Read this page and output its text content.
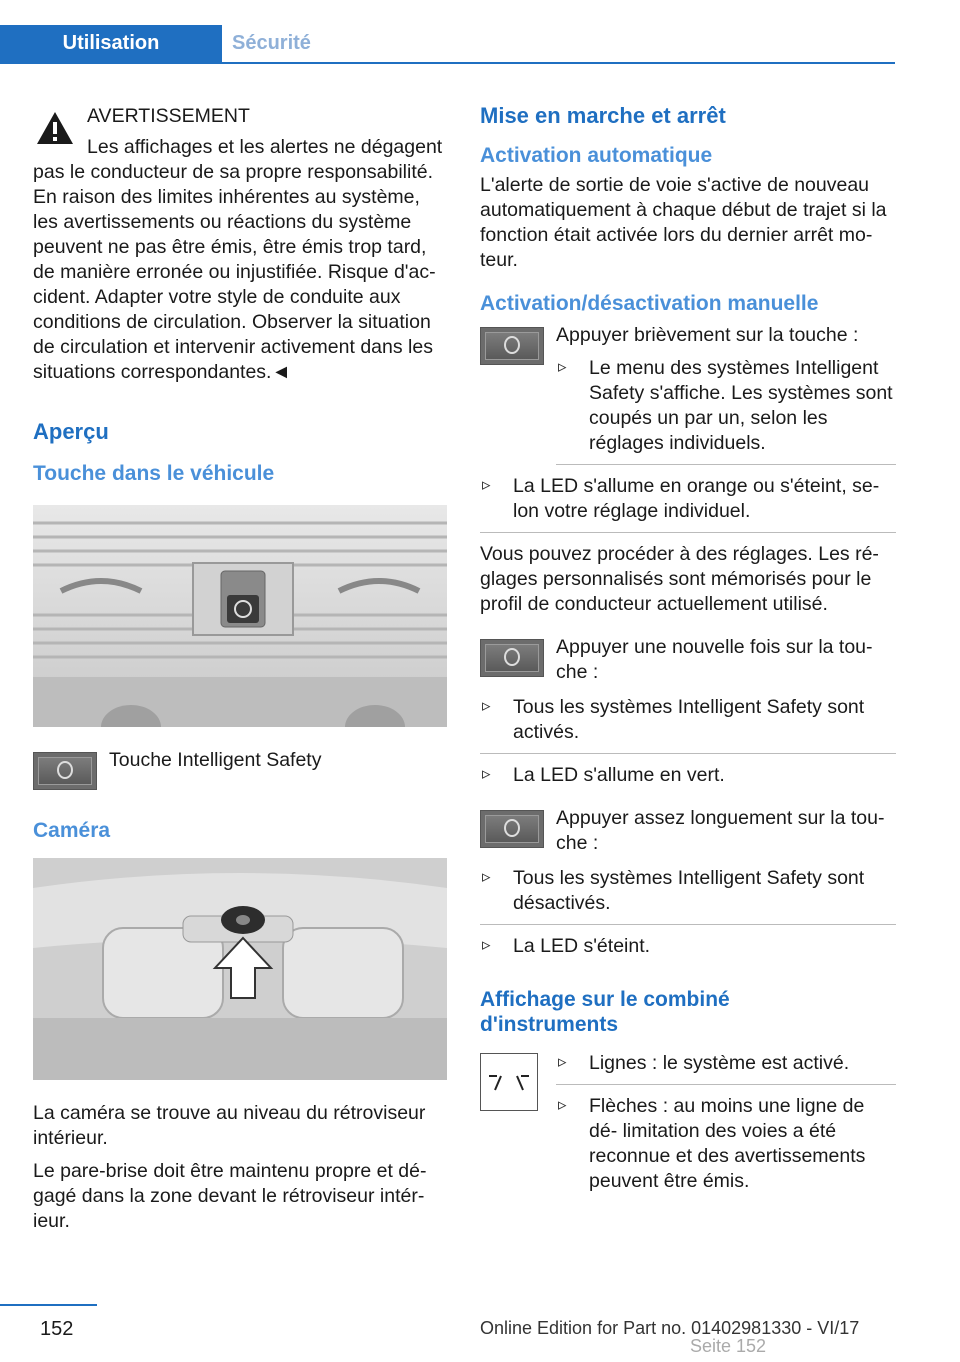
Utilisation	Sécurité
AVERTISSEMENT
Les affichages et les alertes ne dégagent pas le conducteur de sa propre responsabilité. En raison des limites inhérentes au système, les avertissements ou réactions du système peuvent ne pas être émis, être émis trop tard, de manière erronée ou injustifiée. Risque d'ac- cident. Adapter votre style de conduite aux conditions de circulation. Observer la situation de circulation et intervenir activement dans les situations correspondantes.◄
Aperçu
Touche dans le véhicule
Touche Intelligent Safety
Caméra

La caméra se trouve au niveau du rétroviseur intérieur.

Le pare-brise doit être maintenu propre et dé- gagé dans la zone devant le rétroviseur intér- ieur.

Mise en marche et arrêt
Activation automatique

L'alerte de sortie de voie s'active de nouveau automatiquement à chaque début de trajet si la fonction était activée lors du dernier arrêt mo- teur.

Activation/désactivation manuelle
Appuyer brièvement sur la touche :
▹ Le menu des systèmes Intelligent Safety s'affiche. Les systèmes sont coupés un par un, selon les réglages individuels.
▹ La LED s'allume en orange ou s'éteint, se- lon votre réglage individuel.

Vous pouvez procéder à des réglages. Les ré- glages personnalisés sont mémorisés pour le profil de conducteur actuellement utilisé.

Appuyer une nouvelle fois sur la tou- che :
▹ Tous les systèmes Intelligent Safety sont activés.
▹ La LED s'allume en vert.
Appuyer assez longuement sur la tou- che :
▹ Tous les systèmes Intelligent Safety sont désactivés.
▹ La LED s'éteint.
Affichage sur le combiné d'instruments
▹ Lignes : le système est activé.
▹ Flèches : au moins une ligne de dé- limitation des voies a été reconnue et des avertissements peuvent être émis.
152	Online Edition for Part no. 01402981330 - VI/17
Seite 152
